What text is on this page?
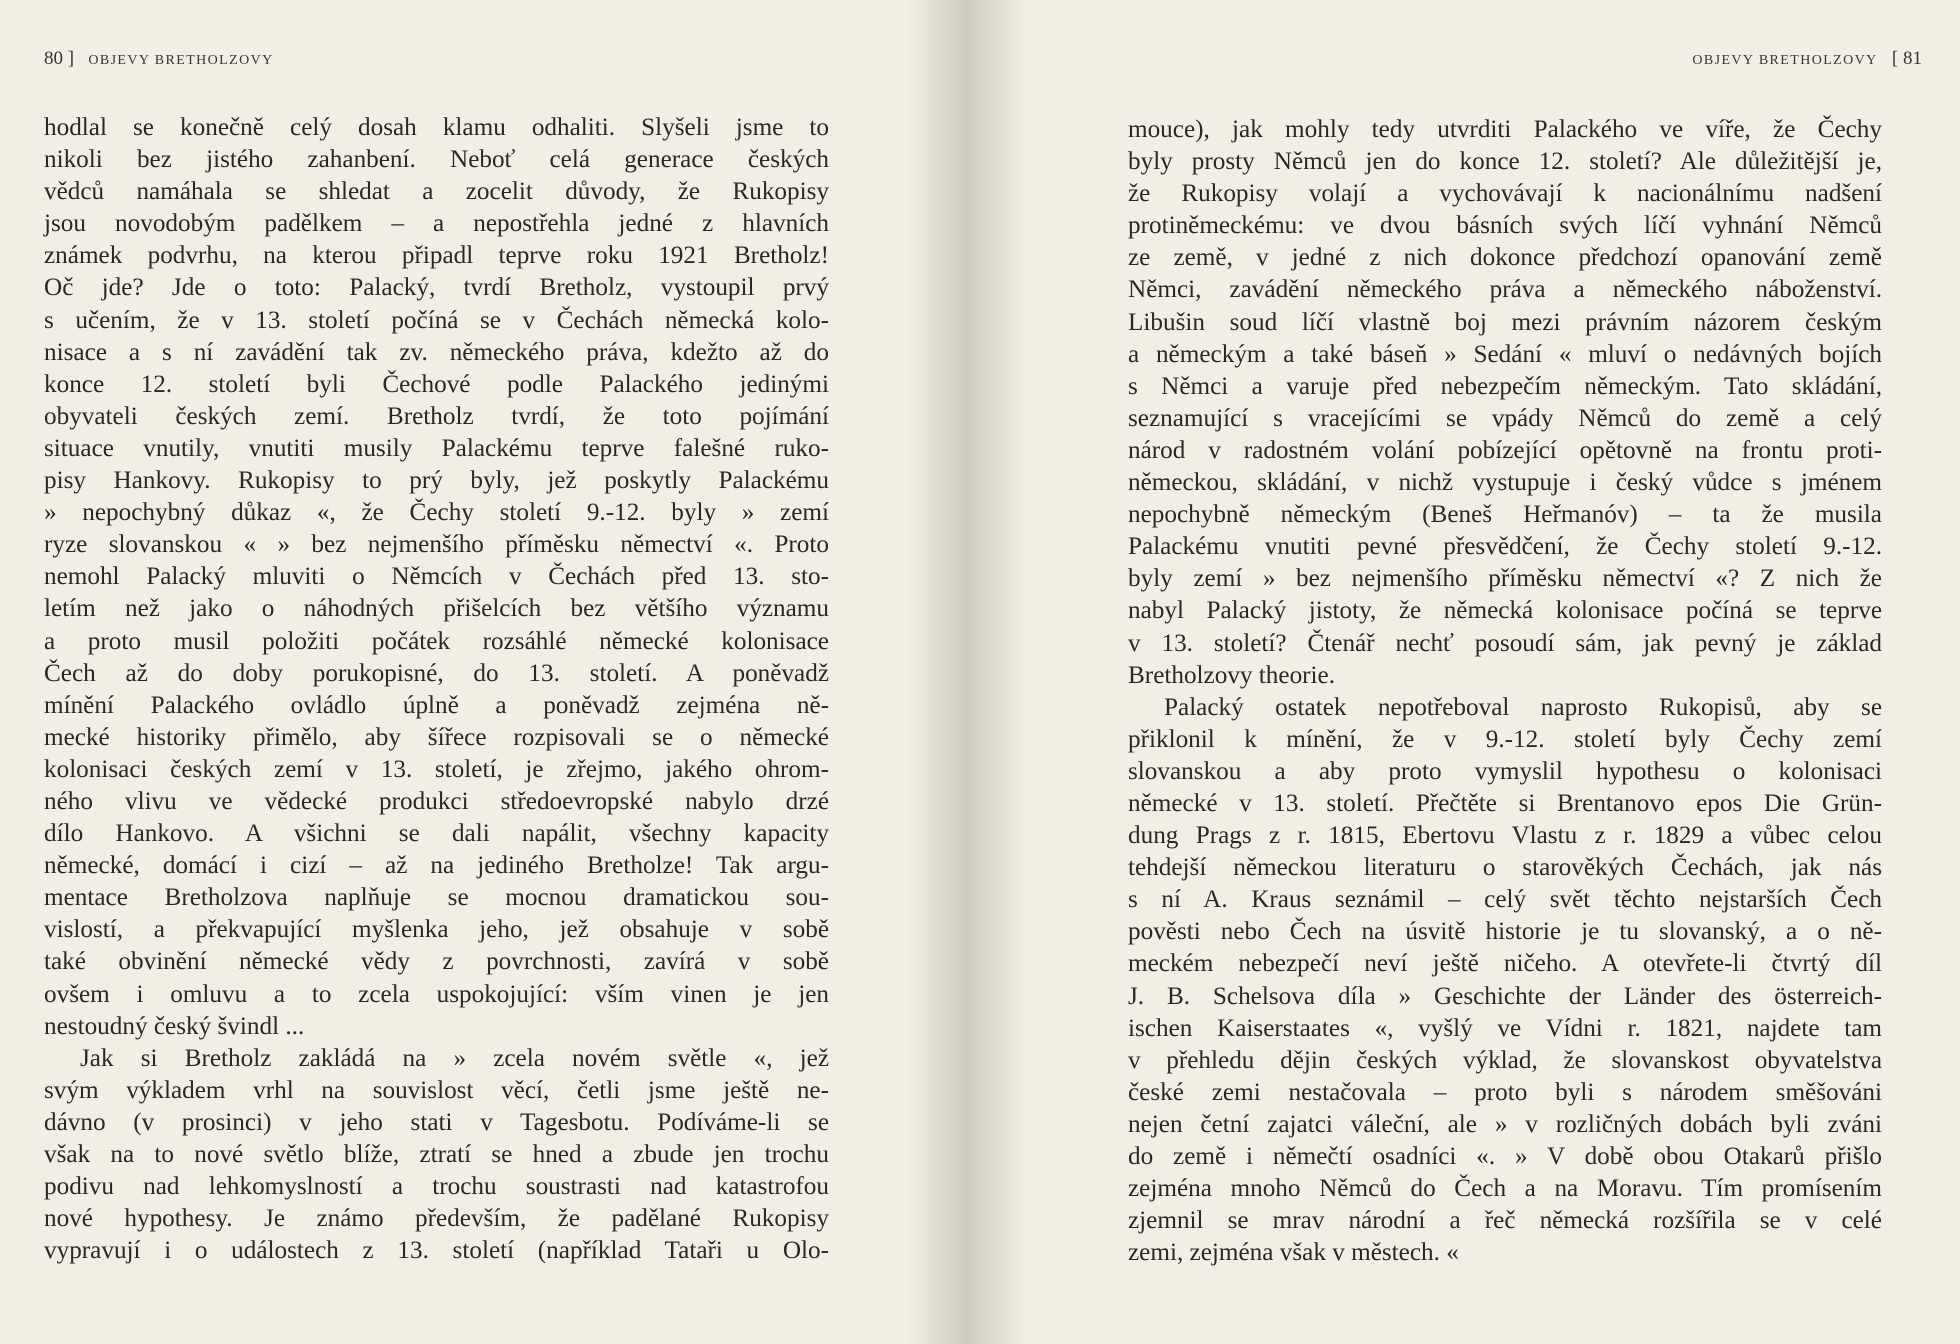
80 ] OBJEVY BRETHOLZOVY
hodlal se konečně celý dosah klamu odhaliti. Slyšeli jsme to
nikoli bez jistého zahanbení. Neboť celá generace českých
vědců namáhala se shledat a zocelit důvody, že Rukopisy
jsou novodobým padělkem – a nepostřehla jedné z hlavních
známek podvrhu, na kterou připadl teprve roku 1921 Bretholz!
Oč jde? Jde o toto: Palacký, tvrdí Bretholz, vystoupil prvý
s učením, že v 13. století počíná se v Čechách německá kolo-
nisace a s ní zavádění tak zv. německého práva, kdežto až do
konce 12. století byli Čechové podle Palackého jedinými
obyvateli českých zemí. Bretholz tvrdí, že toto pojímání
situace vnutily, vnutiti musily Palackému teprve falešné ruko-
pisy Hankovy. Rukopisy to prý byly, jež poskytly Palackému
» nepochybný důkaz «, že Čechy století 9.-12. byly » zemí
ryze slovanskou « » bez nejmenšího příměsku němectví «. Proto
nemohl Palacký mluviti o Němcích v Čechách před 13. sto-
letím než jako o náhodných přišelcích bez většího významu
a proto musil položiti počátek rozsáhlé německé kolonisace
Čech až do doby porukopisné, do 13. století. A poněvadž
mínění Palackého ovládlo úplně a poněvadž zejména ně-
mecké historiky přimělo, aby šířece rozpisovali se o německé
kolonisaci českých zemí v 13. století, je zřejmo, jakého ohrom-
ného vlivu ve vědecké produkci středoevropské nabylo drzé
dílo Hankovo. A všichni se dali napálit, všechny kapacity
německé, domácí i cizí – až na jediného Bretholze! Tak argu-
mentace Bretholzova naplňuje se mocnou dramatickou sou-
vislostí, a překvapující myšlenka jeho, jež obsahuje v sobě
také obvinění německé vědy z povrchnosti, zavírá v sobě
ovšem i omluvu a to zcela uspokojující: vším vinen je jen
nestoudný český švindl ...
Jak si Bretholz zakládá na » zcela novém světle «, jež
svým výkladem vrhl na souvislost věcí, četli jsme ještě ne-
dávno (v prosinci) v jeho stati v Tagesbotu. Podíváme-li se
však na to nové světlo blíže, ztratí se hned a zbude jen trochu
podivu nad lehkomyslností a trochu soustrasti nad katastrofou
nové hypothesy. Je známo především, že padělané Rukopisy
vypravují i o událostech z 13. století (například Tataři u Olo-
OBJEVY BRETHOLZOVY [ 81
mouce), jak mohly tedy utvrditi Palackého ve víře, že Čechy
byly prosty Němců jen do konce 12. století? Ale důležitější je,
že Rukopisy volají a vychovávají k nacionálnímu nadšení
protiněmeckému: ve dvou básních svých líčí vyhnání Němců
ze země, v jedné z nich dokonce předchozí opanování země
Němci, zavádění německého práva a německého náboženství.
Libušin soud líčí vlastně boj mezi právním názorem českým
a německým a také báseň » Sedání « mluví o nedávných bojích
s Němci a varuje před nebezpečím německým. Tato skládání,
seznamující s vracejícími se vpády Němců do země a celý
národ v radostném volání pobízející opětovně na frontu proti-
německou, skládání, v nichž vystupuje i český vůdce s jménem
nepochybně německým (Beneš Heřmanóv) – ta že musila
Palackému vnutiti pevné přesvědčení, že Čechy století 9.-12.
byly zemí » bez nejmenšího příměsku němectví «? Z nich že
nabyl Palacký jistoty, že německá kolonisace počíná se teprve
v 13. století? Čtenář nechť posoudí sám, jak pevný je základ
Bretholzovy theorie.
Palacký ostatek nepotřeboval naprosto Rukopisů, aby se
přiklonil k mínění, že v 9.-12. století byly Čechy zemí
slovanskou a aby proto vymyslil hypothesu o kolonisaci
německé v 13. století. Přečtěte si Brentanovo epos Die Grün-
dung Prags z r. 1815, Ebertovu Vlastu z r. 1829 a vůbec celou
tehdejší německou literaturu o starověkých Čechách, jak nás
s ní A. Kraus seznámil – celý svět těchto nejstarších Čech
pověsti nebo Čech na úsvitě historie je tu slovanský, a o ně-
meckém nebezpečí neví ještě ničeho. A otevřete-li čtvrtý díl
J. B. Schelsova díla » Geschichte der Länder des österreich-
ischen Kaiserstaates «, vyšlý ve Vídni r. 1821, najdete tam
v přehledu dějin českých výklad, že slovanskost obyvatelstva
české zemi nestačovala – proto byli s národem směšováni
nejen četní zajatci váleční, ale » v rozličných dobách byli zváni
do země i němečtí osadníci «. » V době obou Otakarů přišlo
zejména mnoho Němců do Čech a na Moravu. Tím promísením
zjemnil se mrav národní a řeč německá rozšířila se v celé
zemi, zejména však v městech. «
